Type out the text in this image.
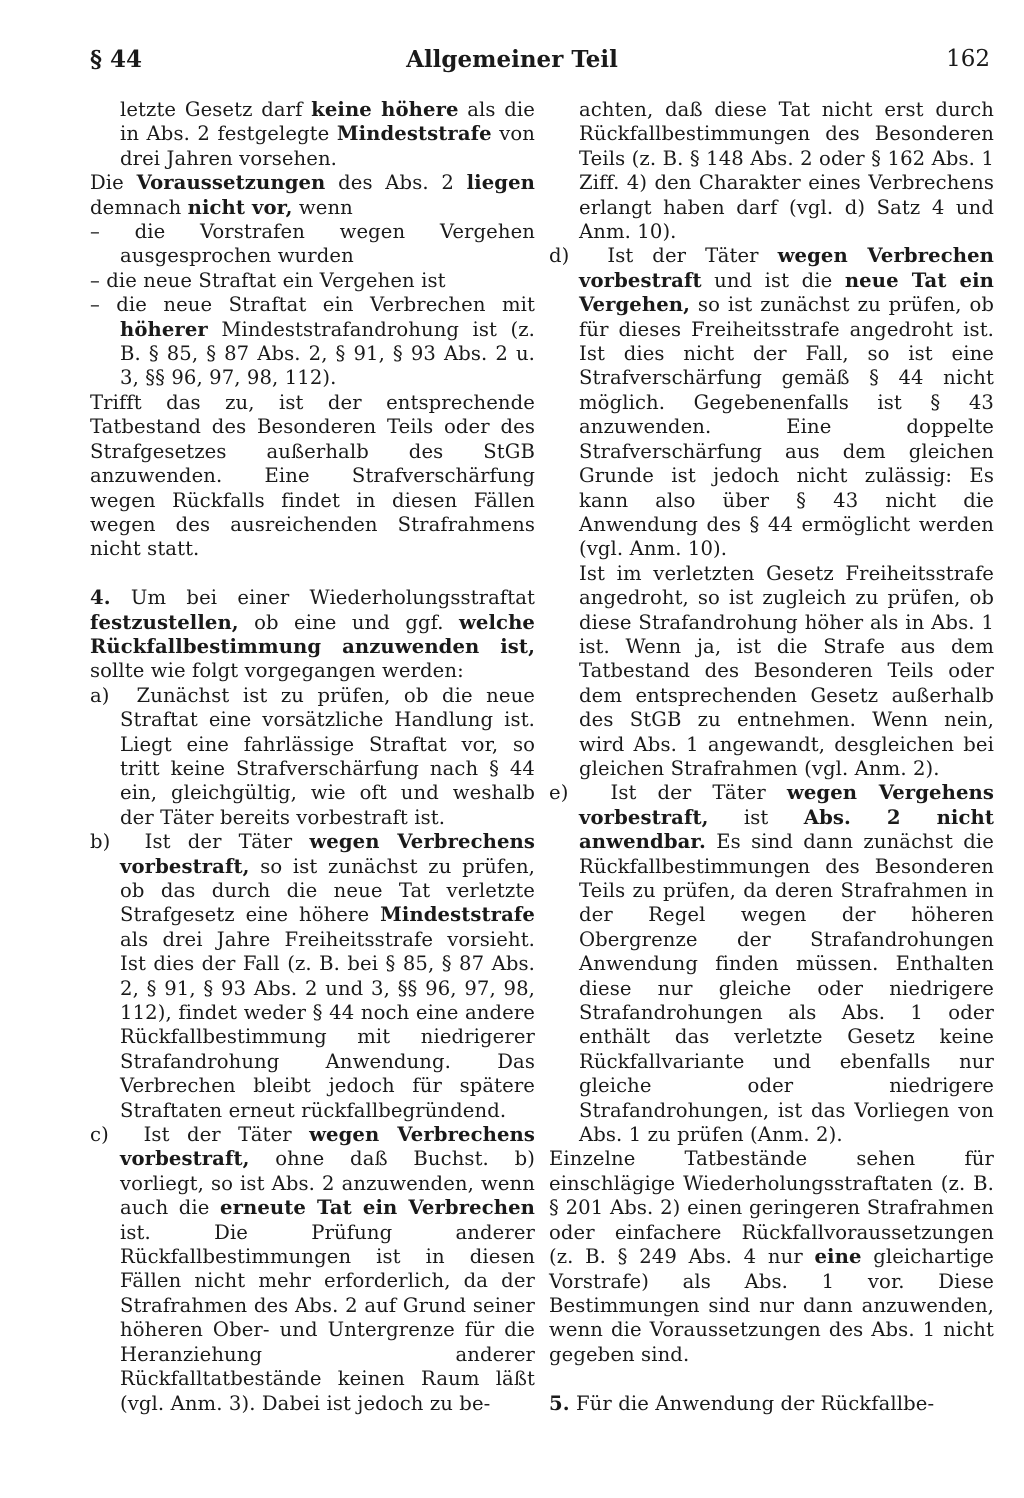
§ 44	Allgemeiner Teil	162

letzte Gesetz darf keine höhere als die in Abs. 2 festgelegte Mindeststrafe von drei Jahren vorsehen.

Die Voraussetzungen des Abs. 2 liegen demnach nicht vor, wenn

– die Vorstrafen wegen Vergehen ausgesprochen wurden

– die neue Straftat ein Vergehen ist

– die neue Straftat ein Verbrechen mit höherer Mindeststrafandrohung ist (z. B. § 85, § 87 Abs. 2, § 91, § 93 Abs. 2 u. 3, §§ 96, 97, 98, 112).

Trifft das zu, ist der entsprechende Tatbestand des Besonderen Teils oder des Strafgesetzes außerhalb des StGB anzuwenden. Eine Strafverschärfung wegen Rückfalls findet in diesen Fällen wegen des ausreichenden Strafrahmens nicht statt.

4. Um bei einer Wiederholungsstraftat festzustellen, ob eine und ggf. welche Rückfallbestimmung anzuwenden ist, sollte wie folgt vorgegangen werden:

a)  Zunächst ist zu prüfen, ob die neue Straftat eine vorsätzliche Handlung ist. Liegt eine fahrlässige Straftat vor, so tritt keine Strafverschärfung nach § 44 ein, gleichgültig, wie oft und weshalb der Täter bereits vorbestraft ist.

b)  Ist der Täter wegen Verbrechens vorbestraft, so ist zunächst zu prüfen, ob das durch die neue Tat verletzte Strafgesetz eine höhere Mindeststrafe als drei Jahre Freiheitsstrafe vorsieht. Ist dies der Fall (z. B. bei § 85, § 87 Abs. 2, § 91, § 93 Abs. 2 und 3, §§ 96, 97, 98, 112), findet weder § 44 noch eine andere Rückfallbestimmung mit niedrigerer Strafandrohung Anwendung. Das Verbrechen bleibt jedoch für spätere Straftaten erneut rückfallbegründend.

c)  Ist der Täter wegen Verbrechens vorbestraft, ohne daß Buchst. b) vorliegt, so ist Abs. 2 anzuwenden, wenn auch die erneute Tat ein Verbrechen ist. Die Prüfung anderer Rückfallbestimmungen ist in diesen Fällen nicht mehr erforderlich, da der Strafrahmen des Abs. 2 auf Grund seiner höheren Ober- und Untergrenze für die Heranziehung anderer Rückfalltatbestände keinen Raum läßt (vgl. Anm. 3). Dabei ist jedoch zu be-

achten, daß diese Tat nicht erst durch Rückfallbestimmungen des Besonderen Teils (z. B. § 148 Abs. 2 oder § 162 Abs. 1 Ziff. 4) den Charakter eines Verbrechens erlangt haben darf (vgl. d) Satz 4 und Anm. 10).

d)  Ist der Täter wegen Verbrechen vorbestraft und ist die neue Tat ein Vergehen, so ist zunächst zu prüfen, ob für dieses Freiheitsstrafe angedroht ist. Ist dies nicht der Fall, so ist eine Strafverschärfung gemäß § 44 nicht möglich. Gegebenenfalls ist § 43 anzuwenden. Eine doppelte Strafverschärfung aus dem gleichen Grunde ist jedoch nicht zulässig: Es kann also über § 43 nicht die Anwendung des § 44 ermöglicht werden (vgl. Anm. 10).

Ist im verletzten Gesetz Freiheitsstrafe angedroht, so ist zugleich zu prüfen, ob diese Strafandrohung höher als in Abs. 1 ist. Wenn ja, ist die Strafe aus dem Tatbestand des Besonderen Teils oder dem entsprechenden Gesetz außerhalb des StGB zu entnehmen. Wenn nein, wird Abs. 1 angewandt, desgleichen bei gleichen Strafrahmen (vgl. Anm. 2).

e)  Ist der Täter wegen Vergehens vorbestraft, ist Abs. 2 nicht anwendbar. Es sind dann zunächst die Rückfallbestimmungen des Besonderen Teils zu prüfen, da deren Strafrahmen in der Regel wegen der höheren Obergrenze der Strafandrohungen Anwendung finden müssen. Enthalten diese nur gleiche oder niedrigere Strafandrohungen als Abs. 1 oder enthält das verletzte Gesetz keine Rückfallvariante und ebenfalls nur gleiche oder niedrigere Strafandrohungen, ist das Vorliegen von Abs. 1 zu prüfen (Anm. 2).

Einzelne Tatbestände sehen für einschlägige Wiederholungsstraftaten (z. B. § 201 Abs. 2) einen geringeren Strafrahmen oder einfachere Rückfallvoraussetzungen (z. B. § 249 Abs. 4 nur eine gleichartige Vorstrafe) als Abs. 1 vor. Diese Bestimmungen sind nur dann anzuwenden, wenn die Voraussetzungen des Abs. 1 nicht gegeben sind.

5. Für die Anwendung der Rückfallbe-
